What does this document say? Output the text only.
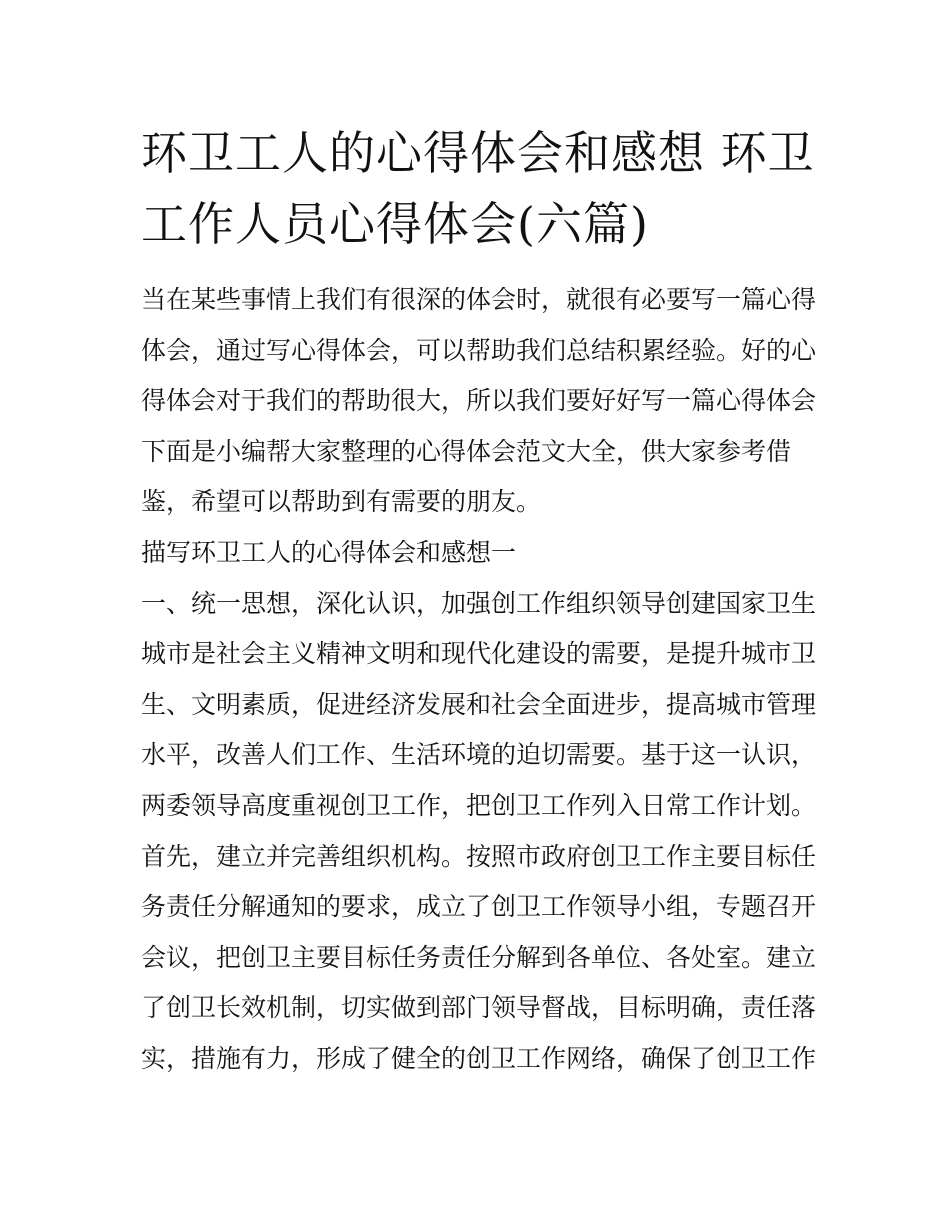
环卫工人的心得体会和感想 环卫工作人员心得体会(六篇)

当在某些事情上我们有很深的体会时，就很有必要写一篇心得

体会，通过写心得体会，可以帮助我们总结积累经验。好的心

得体会对于我们的帮助很大，所以我们要好好写一篇心得体会

下面是小编帮大家整理的心得体会范文大全，供大家参考借

鉴，希望可以帮助到有需要的朋友。

描写环卫工人的心得体会和感想一

一、统一思想，深化认识，加强创工作组织领导创建国家卫生

城市是社会主义精神文明和现代化建设的需要，是提升城市卫

生、文明素质，促进经济发展和社会全面进步，提高城市管理

水平，改善人们工作、生活环境的迫切需要。基于这一认识，

两委领导高度重视创卫工作，把创卫工作列入日常工作计划。

首先，建立并完善组织机构。按照市政府创卫工作主要目标任

务责任分解通知的要求，成立了创卫工作领导小组，专题召开

会议，把创卫主要目标任务责任分解到各单位、各处室。建立

了创卫长效机制，切实做到部门领导督战，目标明确，责任落

实，措施有力，形成了健全的创卫工作网络，确保了创卫工作
